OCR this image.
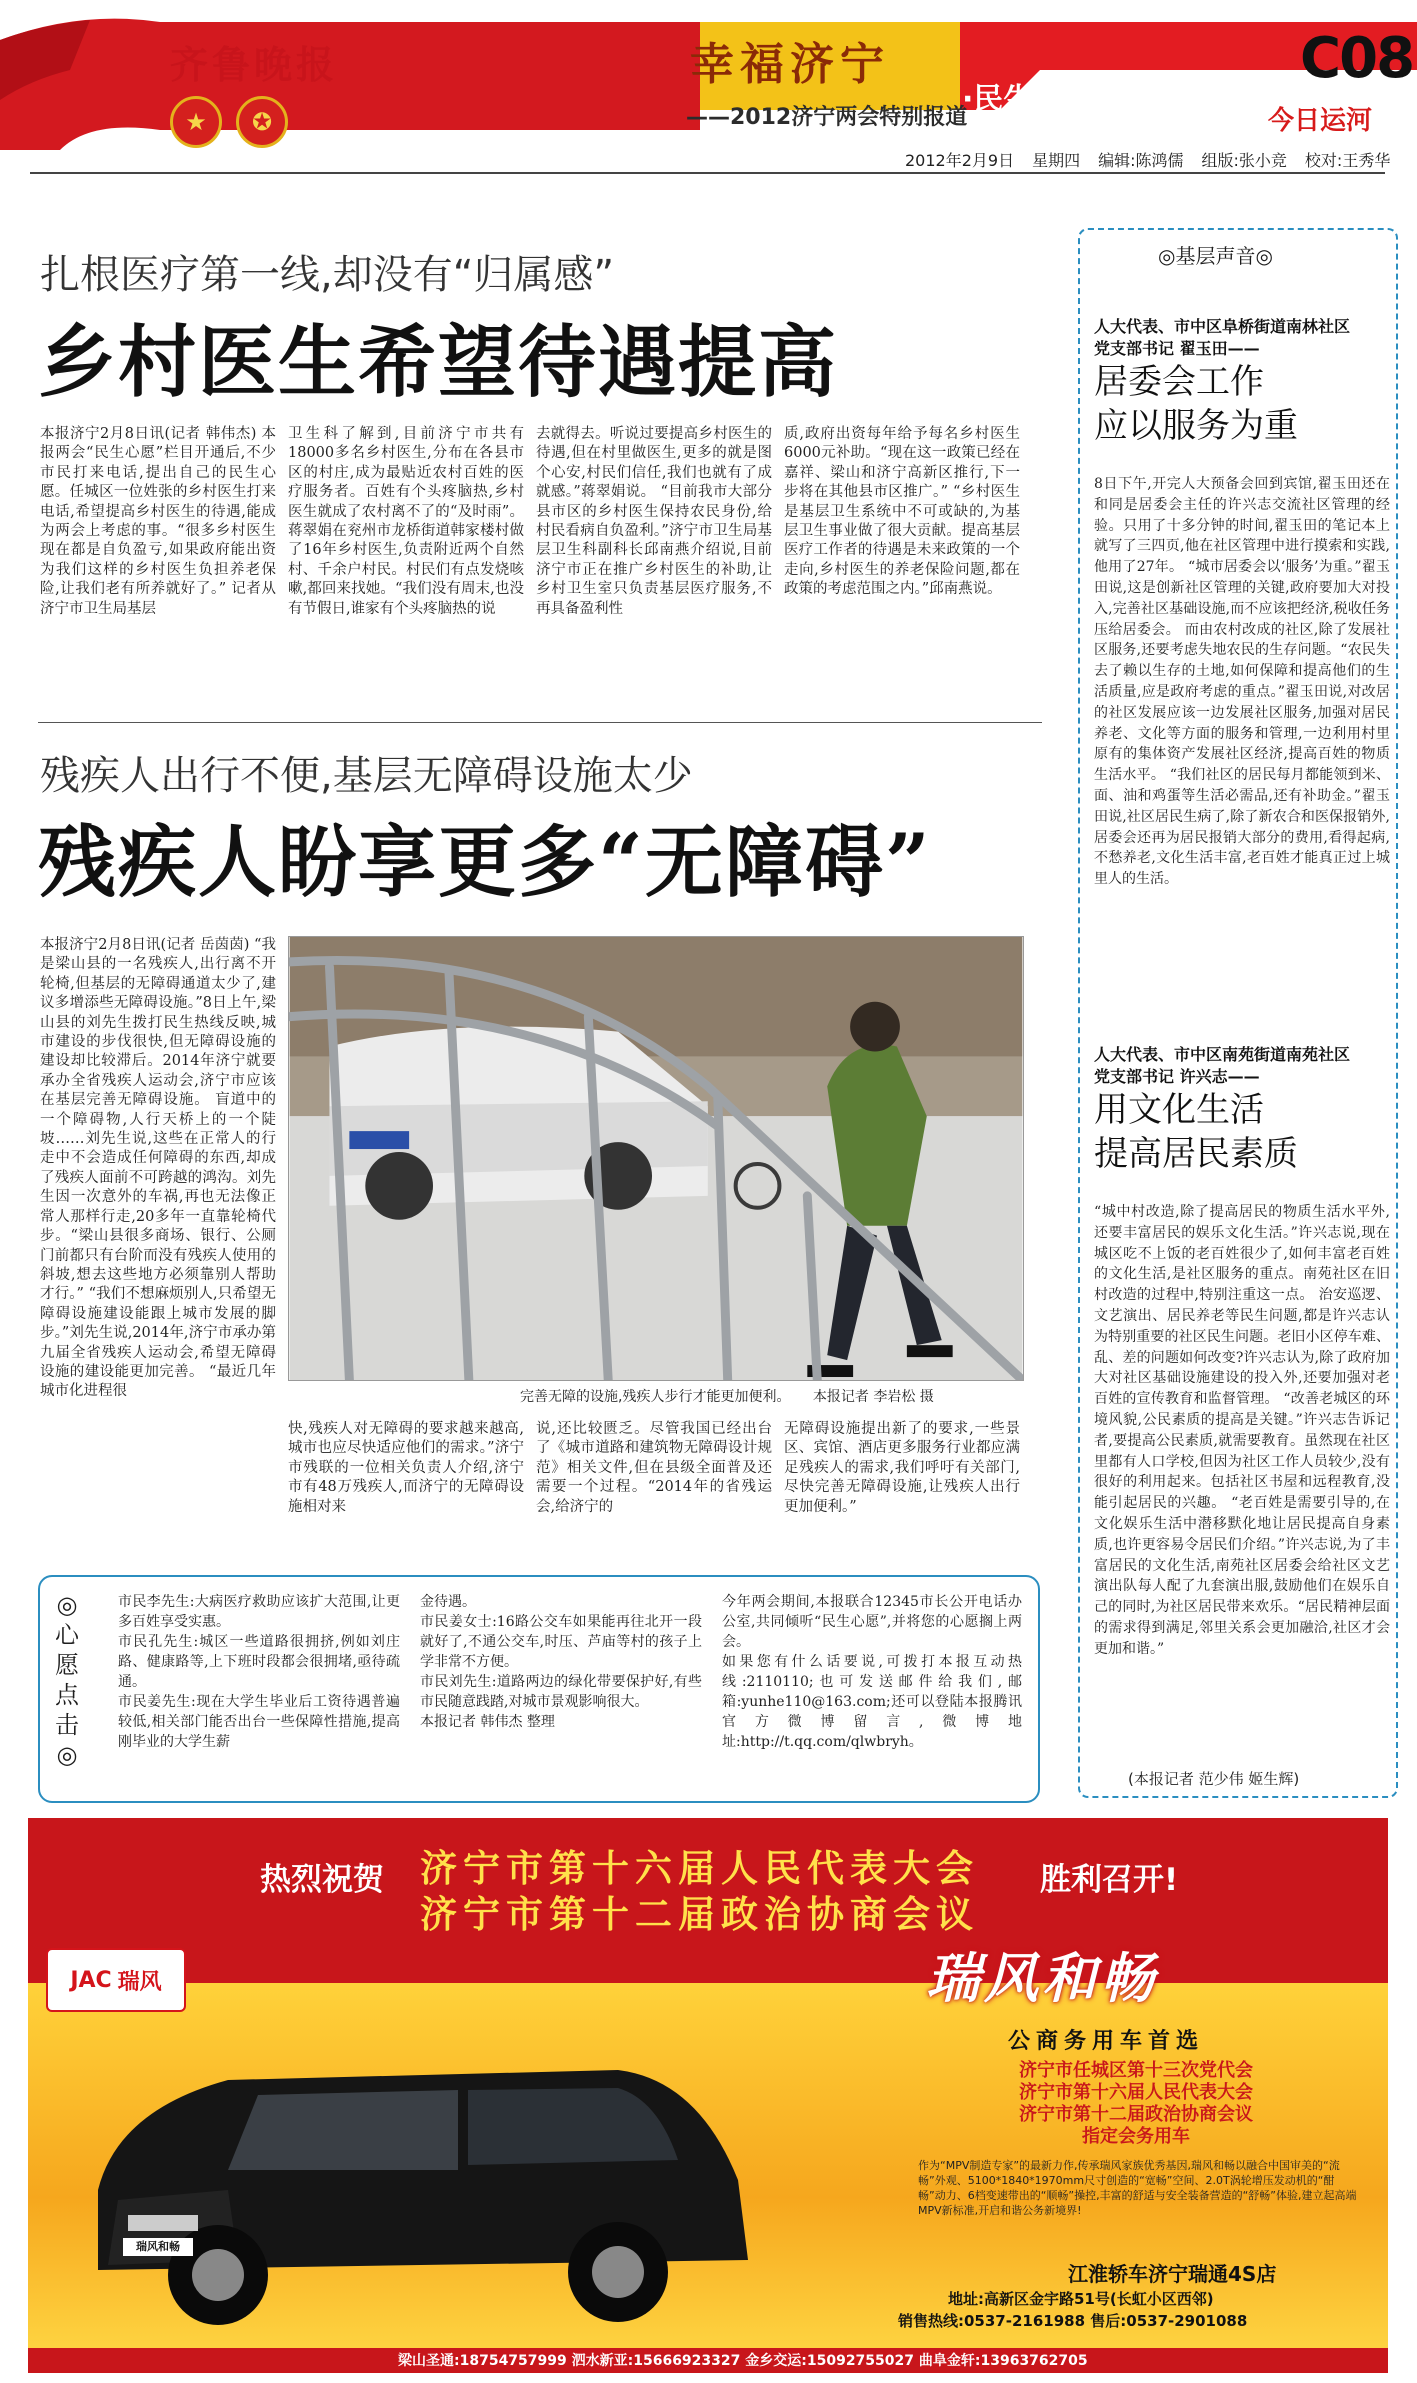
齐鲁晚报
★	✪
幸福济宁
——2012济宁两会特别报道
·民生心愿
C08
今日运河
2012年2月9日 星期四 编辑:陈鸿儒 组版:张小竞 校对:王秀华
扎根医疗第一线,却没有“归属感”
乡村医生希望待遇提高
本报济宁2月8日讯(记者 韩伟杰) 本报两会“民生心愿”栏目开通后,不少市民打来电话,提出自己的民生心愿。任城区一位姓张的乡村医生打来电话,希望提高乡村医生的待遇,能成为两会上考虑的事。“很多乡村医生现在都是自负盈亏,如果政府能出资为我们这样的乡村医生负担养老保险,让我们老有所养就好了。” 记者从济宁市卫生局基层
卫生科了解到,目前济宁市共有18000多名乡村医生,分布在各县市区的村庄,成为最贴近农村百姓的医疗服务者。百姓有个头疼脑热,乡村医生就成了农村离不了的“及时雨”。 蒋翠娟在兖州市龙桥街道韩家楼村做了16年乡村医生,负责附近两个自然村、千余户村民。村民们有点发烧咳嗽,都回来找她。“我们没有周末,也没有节假日,谁家有个头疼脑热的说
去就得去。听说过要提高乡村医生的待遇,但在村里做医生,更多的就是图个心安,村民们信任,我们也就有了成就感。”蒋翠娟说。 “目前我市大部分县市区的乡村医生保持农民身份,给村民看病自负盈利。”济宁市卫生局基层卫生科副科长邱南燕介绍说,目前济宁市正在推广乡村医生的补助,让乡村卫生室只负责基层医疗服务,不再具备盈利性
质,政府出资每年给予每名乡村医生6000元补助。“现在这一政策已经在嘉祥、梁山和济宁高新区推行,下一步将在其他县市区推广。” “乡村医生是基层卫生系统中不可或缺的,为基层卫生事业做了很大贡献。提高基层医疗工作者的待遇是未来政策的一个走向,乡村医生的养老保险问题,都在政策的考虑范围之内。”邱南燕说。
残疾人出行不便,基层无障碍设施太少
残疾人盼享更多“无障碍”
本报济宁2月8日讯(记者 岳茵茵) “我是梁山县的一名残疾人,出行离不开轮椅,但基层的无障碍通道太少了,建议多增添些无障碍设施。”8日上午,梁山县的刘先生拨打民生热线反映,城市建设的步伐很快,但无障碍设施的建设却比较滞后。2014年济宁就要承办全省残疾人运动会,济宁市应该在基层完善无障碍设施。 盲道中的一个障碍物,人行天桥上的一个陡坡……刘先生说,这些在正常人的行走中不会造成任何障碍的东西,却成了残疾人面前不可跨越的鸿沟。刘先生因一次意外的车祸,再也无法像正常人那样行走,20多年一直靠轮椅代步。“梁山县很多商场、银行、公厕门前都只有台阶而没有残疾人使用的斜坡,想去这些地方必须靠别人帮助才行。” “我们不想麻烦别人,只希望无障碍设施建设能跟上城市发展的脚步。”刘先生说,2014年,济宁市承办第九届全省残疾人运动会,希望无障碍设施的建设能更加完善。 “最近几年城市化进程很	完善无障的设施,残疾人步行才能更加便利。 本报记者 李岩松 摄
快,残疾人对无障碍的要求越来越高,城市也应尽快适应他们的需求。”济宁市残联的一位相关负责人介绍,济宁市有48万残疾人,而济宁的无障碍设施相对来
说,还比较匮乏。尽管我国已经出台了《城市道路和建筑物无障碍设计规范》相关文件,但在县级全面普及还需要一个过程。“2014年的省残运会,给济宁的
无障碍设施提出新了的要求,一些景区、宾馆、酒店更多服务行业都应满足残疾人的需求,我们呼吁有关部门,尽快完善无障碍设施,让残疾人出行更加便利。”
◎基层声音◎
人大代表、市中区阜桥街道南林社区
党支部书记 翟玉田——
居委会工作
应以服务为重
8日下午,开完人大预备会回到宾馆,翟玉田还在和同是居委会主任的许兴志交流社区管理的经验。只用了十多分钟的时间,翟玉田的笔记本上就写了三四页,他在社区管理中进行摸索和实践,他用了27年。 “城市居委会以‘服务’为重。”翟玉田说,这是创新社区管理的关键,政府要加大对投入,完善社区基础设施,而不应该把经济,税收任务压给居委会。 而由农村改成的社区,除了发展社区服务,还要考虑失地农民的生存问题。“农民失去了赖以生存的土地,如何保障和提高他们的生活质量,应是政府考虑的重点。”翟玉田说,对改居的社区发展应该一边发展社区服务,加强对居民养老、文化等方面的服务和管理,一边利用村里原有的集体资产发展社区经济,提高百姓的物质生活水平。 “我们社区的居民每月都能领到米、面、油和鸡蛋等生活必需品,还有补助金。”翟玉田说,社区居民生病了,除了新农合和医保报销外,居委会还再为居民报销大部分的费用,看得起病,不愁养老,文化生活丰富,老百姓才能真正过上城里人的生活。
人大代表、市中区南苑街道南苑社区
党支部书记 许兴志——
用文化生活
提高居民素质
“城中村改造,除了提高居民的物质生活水平外,还要丰富居民的娱乐文化生活。”许兴志说,现在城区吃不上饭的老百姓很少了,如何丰富老百姓的文化生活,是社区服务的重点。南苑社区在旧村改造的过程中,特别注重这一点。 治安巡逻、文艺演出、居民养老等民生问题,都是许兴志认为特别重要的社区民生问题。老旧小区停车难、乱、差的问题如何改变?许兴志认为,除了政府加大对社区基础设施建设的投入外,还要加强对老百姓的宣传教育和监督管理。 “改善老城区的环境风貌,公民素质的提高是关键。”许兴志告诉记者,要提高公民素质,就需要教育。虽然现在社区里都有人口学校,但因为社区工作人员较少,没有很好的利用起来。包括社区书屋和远程教育,没能引起居民的兴趣。 “老百姓是需要引导的,在文化娱乐生活中潜移默化地让居民提高自身素质,也许更容易令居民们介绍。”许兴志说,为了丰富居民的文化生活,南苑社区居委会给社区文艺演出队每人配了九套演出服,鼓励他们在娱乐自己的同时,为社区居民带来欢乐。“居民精神层面的需求得到满足,邻里关系会更加融洽,社区才会更加和谐。”
(本报记者 范少伟 姬生辉)
◎心愿点击◎
市民李先生:大病医疗救助应该扩大范围,让更多百姓享受实惠。
市民孔先生:城区一些道路很拥挤,例如刘庄路、健康路等,上下班时段都会很拥堵,亟待疏通。
市民姜先生:现在大学生毕业后工资待遇普遍较低,相关部门能否出台一些保障性措施,提高刚毕业的大学生薪
金待遇。
市民姜女士:16路公交车如果能再往北开一段就好了,不通公交车,时压、芦庙等村的孩子上学非常不方便。
市民刘先生:道路两边的绿化带要保护好,有些市民随意践踏,对城市景观影响很大。
本报记者 韩伟杰 整理
今年两会期间,本报联合12345市长公开电话办公室,共同倾听“民生心愿”,并将您的心愿搁上两会。
如果您有什么话要说,可拨打本报互动热线:2110110;也可发送邮件给我们,邮箱:yunhe110@163.com;还可以登陆本报腾讯官方微博留言,微博地址:http://t.qq.com/qlwbryh。
热烈祝贺 济宁市第十六届人民代表大会
济宁市第十二届政治协商会议
胜利召开!
JAC 瑞风	瑞风和畅
公商务用车首选
济宁市任城区第十三次党代会
济宁市第十六届人民代表大会
济宁市第十二届政治协商会议
指定会务用车
作为“MPV制造专家”的最新力作,传承瑞风家族优秀基因,瑞风和畅以融合中国审美的“流畅”外观、5100*1840*1970mm尺寸创造的“宽畅”空间、2.0T涡轮增压发动机的“酣畅”动力、6档变速带出的“顺畅”操控,丰富的舒适与安全装备营造的“舒畅”体验,建立起高端MPV新标准,开启和谐公务新境界!
瑞风和畅
江淮轿车济宁瑞通4S店
地址:高新区金宇路51号(长虹小区西邻)
销售热线:0537-2161988 售后:0537-2901088
梁山圣通:18754757999 泗水新亚:15666923327 金乡交运:15092755027 曲阜金轩:13963762705
